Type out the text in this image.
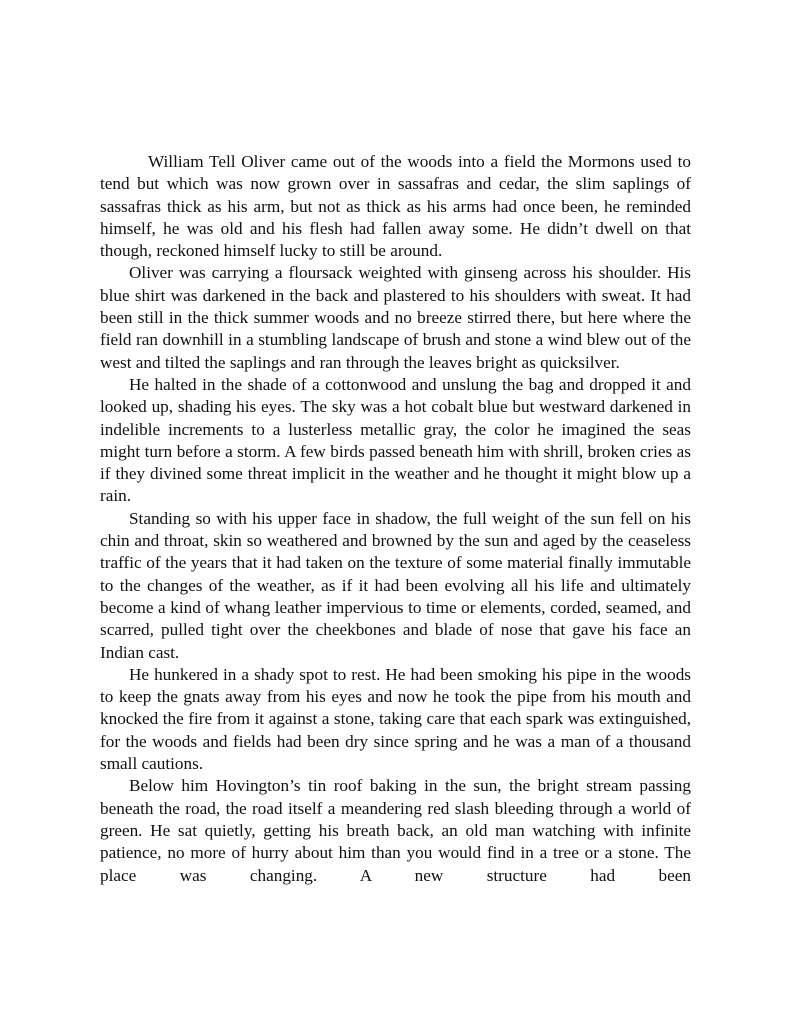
William Tell Oliver came out of the woods into a field the Mormons used to tend but which was now grown over in sassafras and cedar, the slim saplings of sassafras thick as his arm, but not as thick as his arms had once been, he reminded himself, he was old and his flesh had fallen away some. He didn’t dwell on that though, reckoned himself lucky to still be around.

Oliver was carrying a floursack weighted with ginseng across his shoulder. His blue shirt was darkened in the back and plastered to his shoulders with sweat. It had been still in the thick summer woods and no breeze stirred there, but here where the field ran downhill in a stumbling landscape of brush and stone a wind blew out of the west and tilted the saplings and ran through the leaves bright as quicksilver.

He halted in the shade of a cottonwood and unslung the bag and dropped it and looked up, shading his eyes. The sky was a hot cobalt blue but westward darkened in indelible increments to a lusterless metallic gray, the color he imagined the seas might turn before a storm. A few birds passed beneath him with shrill, broken cries as if they divined some threat implicit in the weather and he thought it might blow up a rain.

Standing so with his upper face in shadow, the full weight of the sun fell on his chin and throat, skin so weathered and browned by the sun and aged by the ceaseless traffic of the years that it had taken on the texture of some material finally immutable to the changes of the weather, as if it had been evolving all his life and ultimately become a kind of whang leather impervious to time or elements, corded, seamed, and scarred, pulled tight over the cheekbones and blade of nose that gave his face an Indian cast.

He hunkered in a shady spot to rest. He had been smoking his pipe in the woods to keep the gnats away from his eyes and now he took the pipe from his mouth and knocked the fire from it against a stone, taking care that each spark was extinguished, for the woods and fields had been dry since spring and he was a man of a thousand small cautions.

Below him Hovington’s tin roof baking in the sun, the bright stream passing beneath the road, the road itself a meandering red slash bleeding through a world of green. He sat quietly, getting his breath back, an old man watching with infinite patience, no more of hurry about him than you would find in a tree or a stone. The place was changing. A new structure had been
